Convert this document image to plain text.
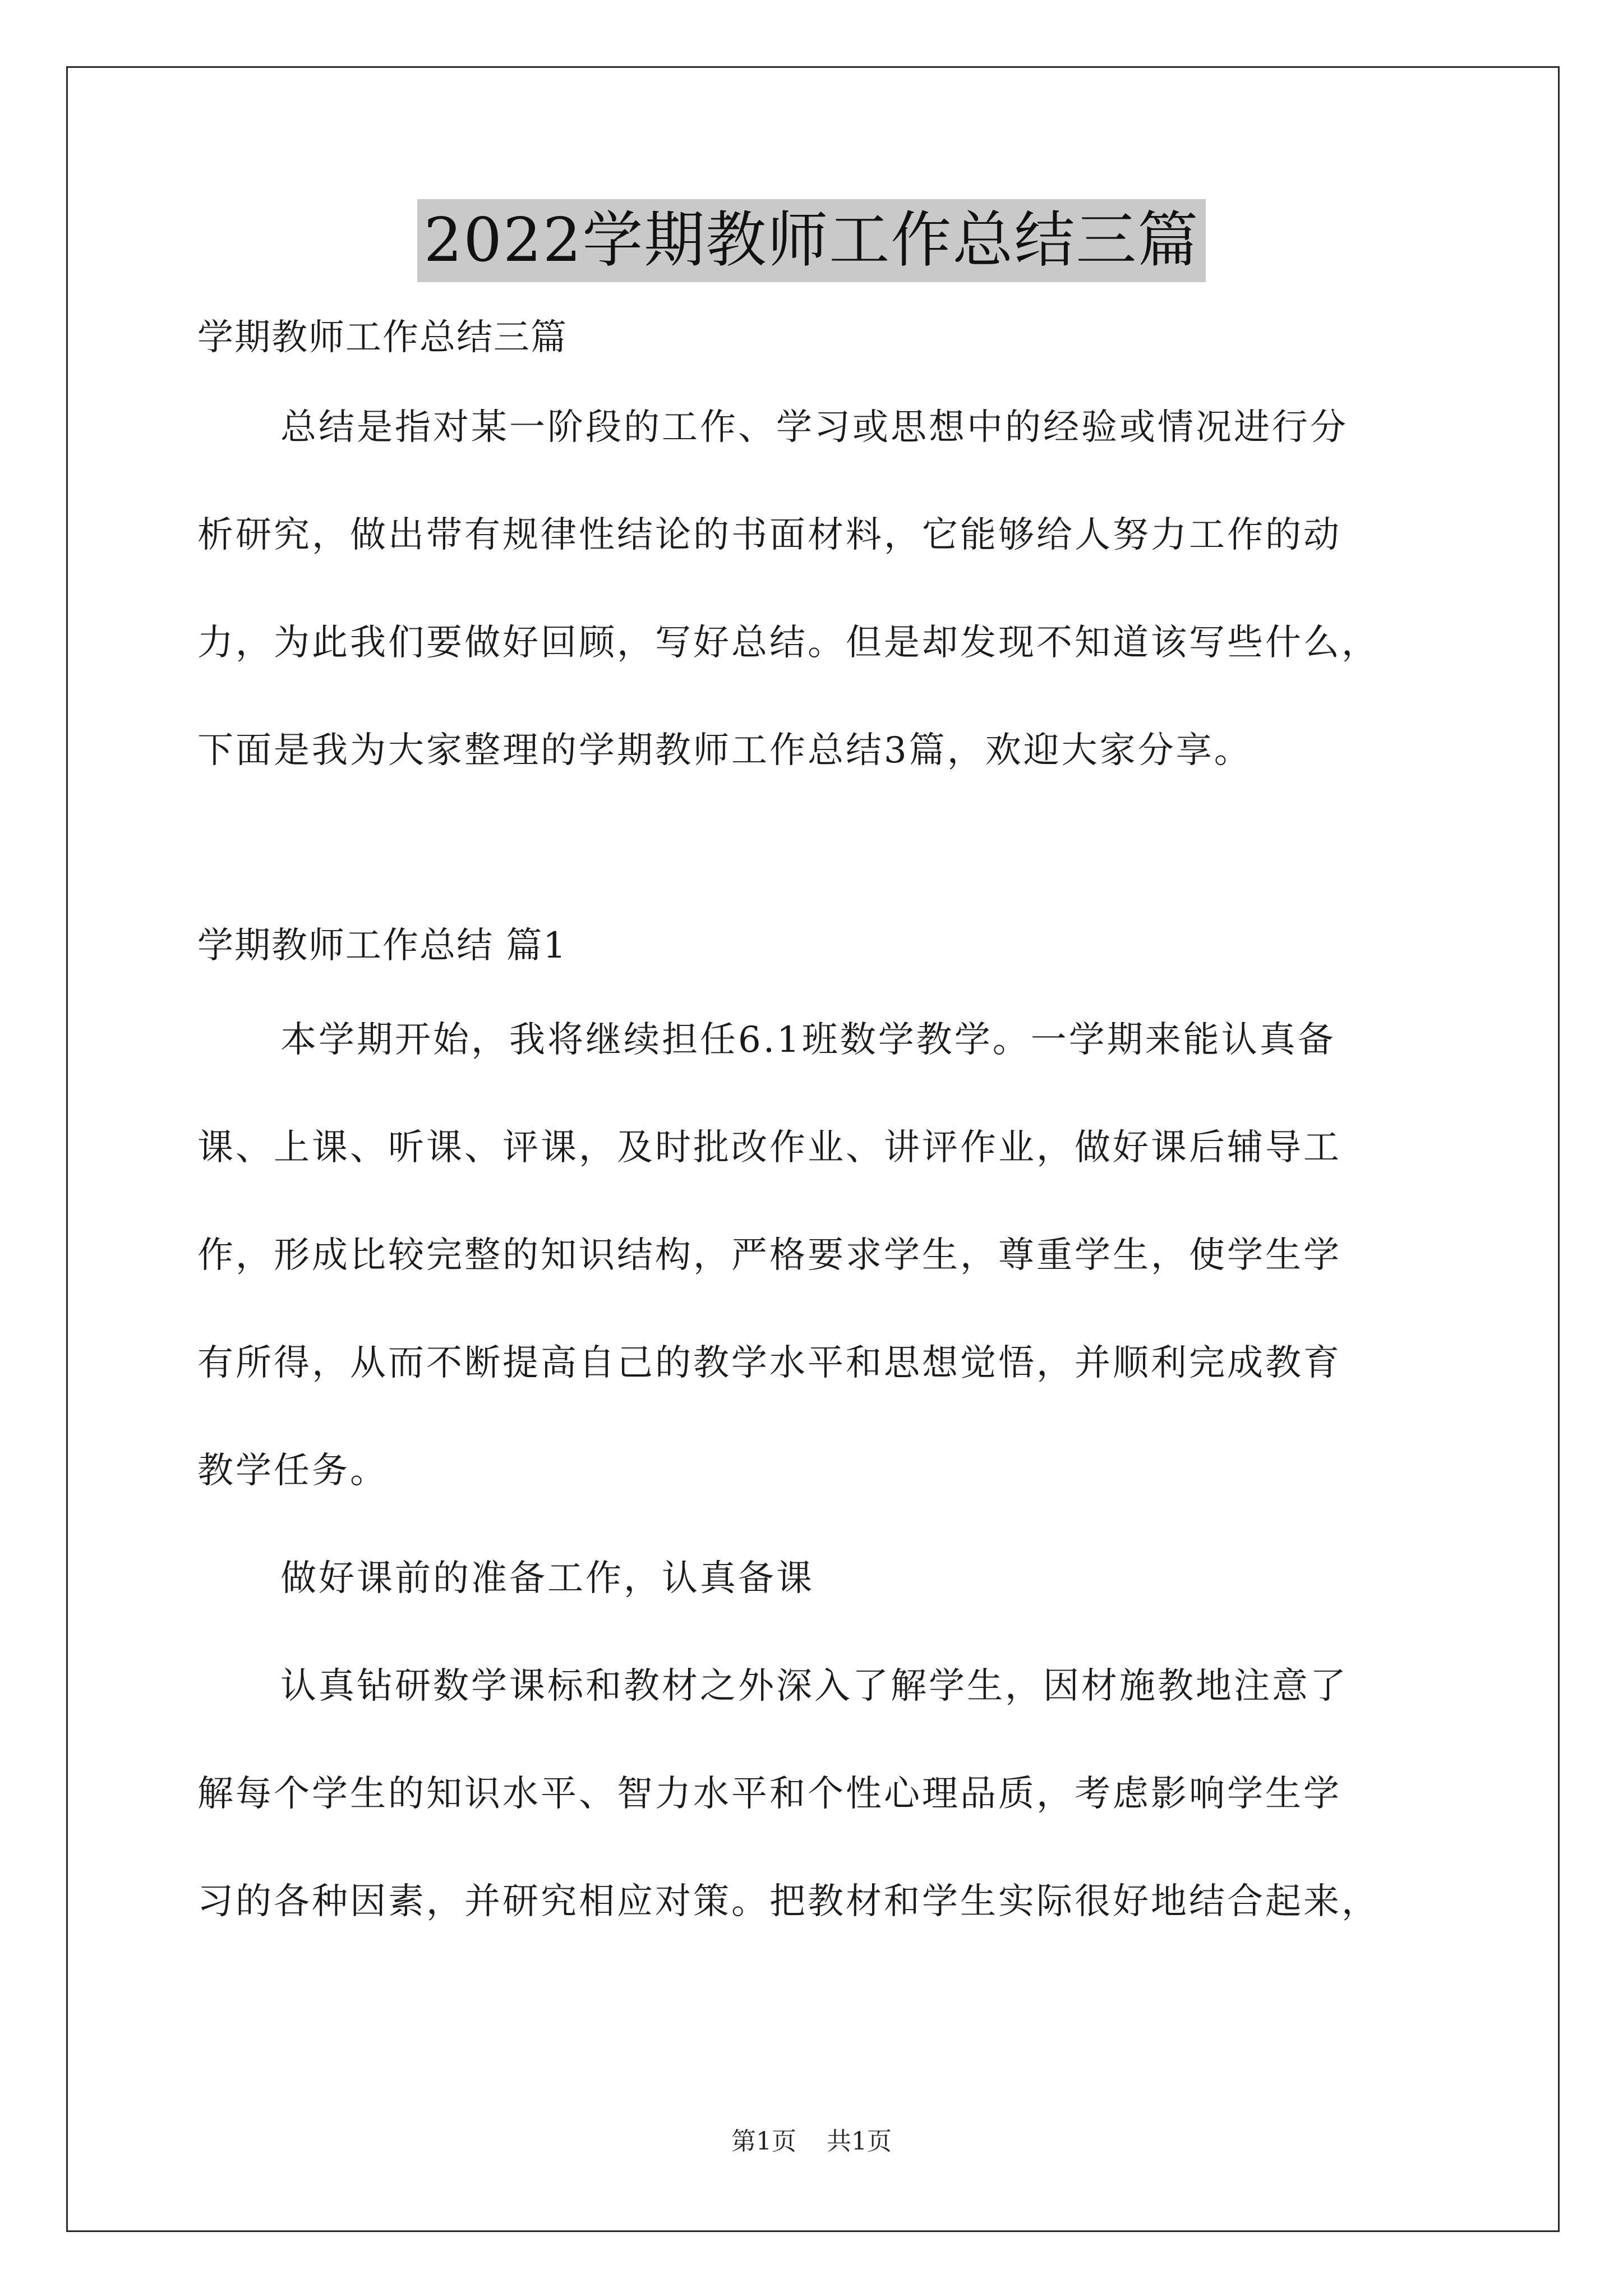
2022学期教师工作总结三篇

学期教师工作总结三篇

总结是指对某一阶段的工作、学习或思想中的经验或情况进行分
析研究，做出带有规律性结论的书面材料，它能够给人努力工作的动
力，为此我们要做好回顾，写好总结。但是却发现不知道该写些什么，
下面是我为大家整理的学期教师工作总结3篇，欢迎大家分享。

学期教师工作总结 篇1

本学期开始，我将继续担任6.1班数学教学。一学期来能认真备
课、上课、听课、评课，及时批改作业、讲评作业，做好课后辅导工
作，形成比较完整的知识结构，严格要求学生，尊重学生，使学生学
有所得，从而不断提高自己的教学水平和思想觉悟，并顺利完成教育
教学任务。

做好课前的准备工作，认真备课

认真钻研数学课标和教材之外深入了解学生，因材施教地注意了
解每个学生的知识水平、智力水平和个性心理品质，考虑影响学生学
习的各种因素，并研究相应对策。把教材和学生实际很好地结合起来，

第1页 共1页
